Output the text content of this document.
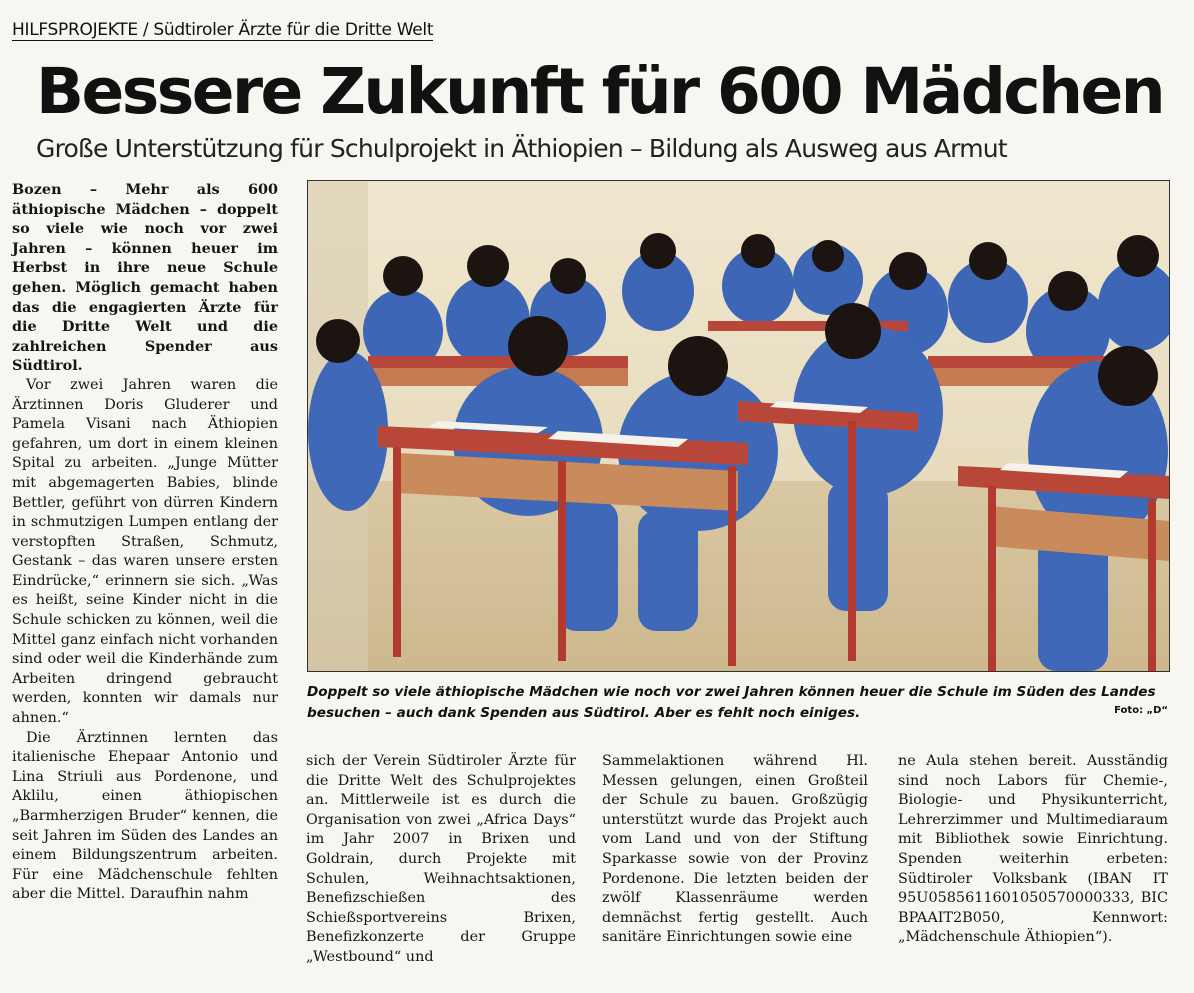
HILFSPROJEKTE / Südtiroler Ärzte für die Dritte Welt
Bessere Zukunft für 600 Mädchen
Große Unterstützung für Schulprojekt in Äthiopien – Bildung als Ausweg aus Armut

Bozen – Mehr als 600 äthiopische Mädchen – doppelt so viele wie noch vor zwei Jahren – können heuer im Herbst in ihre neue Schule gehen. Möglich gemacht haben das die engagierten Ärzte für die Dritte Welt und die zahlreichen Spender aus Südtirol.

Vor zwei Jahren waren die Ärztinnen Doris Gluderer und Pamela Visani nach Äthiopien gefahren, um dort in einem kleinen Spital zu arbeiten. „Junge Mütter mit abgemagerten Babies, blinde Bettler, geführt von dürren Kindern in schmutzigen Lumpen entlang der verstopften Straßen, Schmutz, Gestank – das waren unsere ersten Eindrücke,“ erinnern sie sich. „Was es heißt, seine Kinder nicht in die Schule schicken zu können, weil die Mittel ganz einfach nicht vorhanden sind oder weil die Kinderhände zum Arbeiten dringend gebraucht werden, konnten wir damals nur ahnen.“

Die Ärztinnen lernten das italienische Ehepaar Antonio und Lina Striuli aus Pordenone, und Aklilu, einen äthiopischen „Barmherzigen Bruder“ kennen, die seit Jahren im Süden des Landes an einem Bildungszentrum arbeiten. Für eine Mädchenschule fehlten aber die Mittel. Daraufhin nahm

Doppelt so viele äthiopische Mädchen wie noch vor zwei Jahren können heuer die Schule im Süden des Landes besuchen – auch dank Spenden aus Südtirol. Aber es fehlt noch einiges.	Foto: „D“

sich der Verein Südtiroler Ärzte für die Dritte Welt des Schulprojektes an. Mittlerweile ist es durch die Organisation von zwei „Africa Days“ im Jahr 2007 in Brixen und Goldrain, durch Projekte mit Schulen, Weihnachtsaktionen, Benefizschießen des Schießsportvereins Brixen, Benefizkonzerte der Gruppe „Westbound“ und

Sammelaktionen während Hl. Messen gelungen, einen Großteil der Schule zu bauen. Großzügig unterstützt wurde das Projekt auch vom Land und von der Stiftung Sparkasse sowie von der Provinz Pordenone. Die letzten beiden der zwölf Klassenräume werden demnächst fertig gestellt. Auch sanitäre Einrichtungen sowie eine

ne Aula stehen bereit. Ausständig sind noch Labors für Chemie-, Biologie- und Physikunterricht, Lehrerzimmer und Multimediaraum mit Bibliothek sowie Einrichtung. Spenden weiterhin erbeten: Südtiroler Volksbank (IBAN IT 95U0585611601050570000333, BIC BPAAIT2B050, Kennwort: „Mädchenschule Äthiopien“).
